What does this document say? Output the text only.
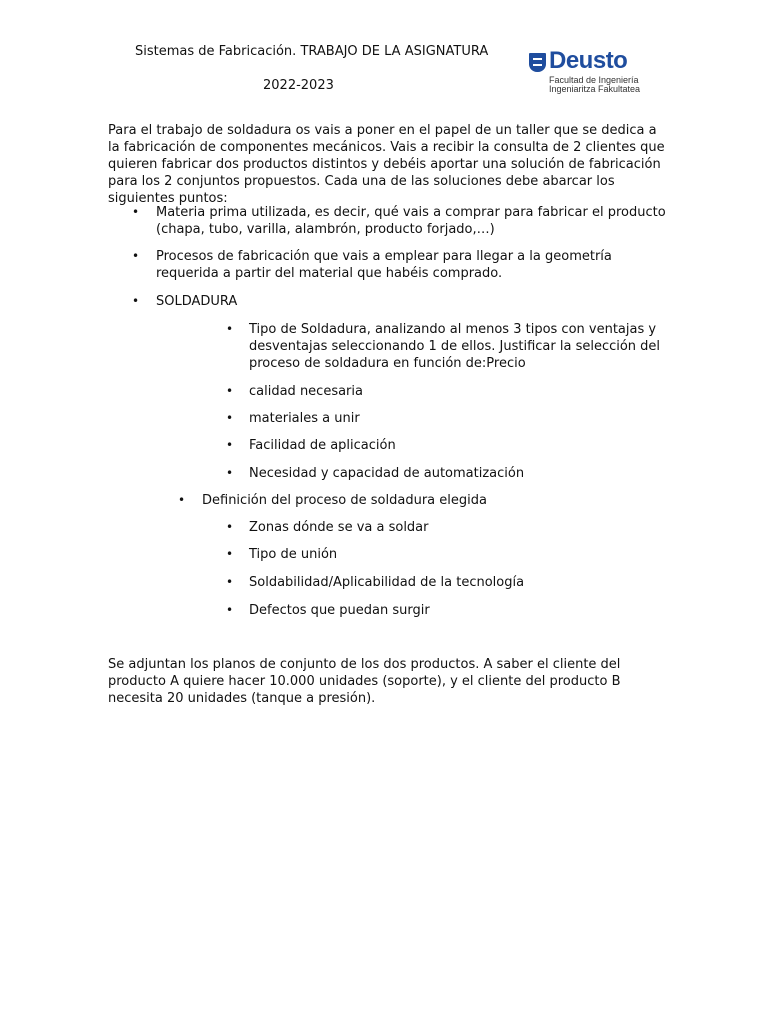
Sistemas de Fabricación. TRABAJO DE LA ASIGNATURA
2022-2023
Deusto
Facultad de Ingeniería
Ingeniaritza Fakultatea
Para el trabajo de soldadura os vais a poner en el papel de un taller que se dedica a la fabricación de componentes mecánicos. Vais a recibir la consulta de 2 clientes que quieren fabricar dos productos distintos y debéis aportar una solución de fabricación para los 2 conjuntos propuestos. Cada una de las soluciones debe abarcar los siguientes puntos:
• Materia prima utilizada, es decir, qué vais a comprar para fabricar el producto (chapa, tubo, varilla, alambrón, producto forjado,…)
• Procesos de fabricación que vais a emplear para llegar a la geometría requerida a partir del material que habéis comprado.
• SOLDADURA
• Tipo de Soldadura, analizando al menos 3 tipos con ventajas y desventajas seleccionando 1 de ellos. Justificar la selección del proceso de soldadura en función de:Precio
• calidad necesaria
• materiales a unir
• Facilidad de aplicación
• Necesidad y capacidad de automatización
• Definición del proceso de soldadura elegida
• Zonas dónde se va a soldar
• Tipo de unión
• Soldabilidad/Aplicabilidad de la tecnología
• Defectos que puedan surgir
Se adjuntan los planos de conjunto de los dos productos. A saber el cliente del producto A quiere hacer 10.000 unidades (soporte), y el cliente del producto B necesita 20 unidades (tanque a presión).
